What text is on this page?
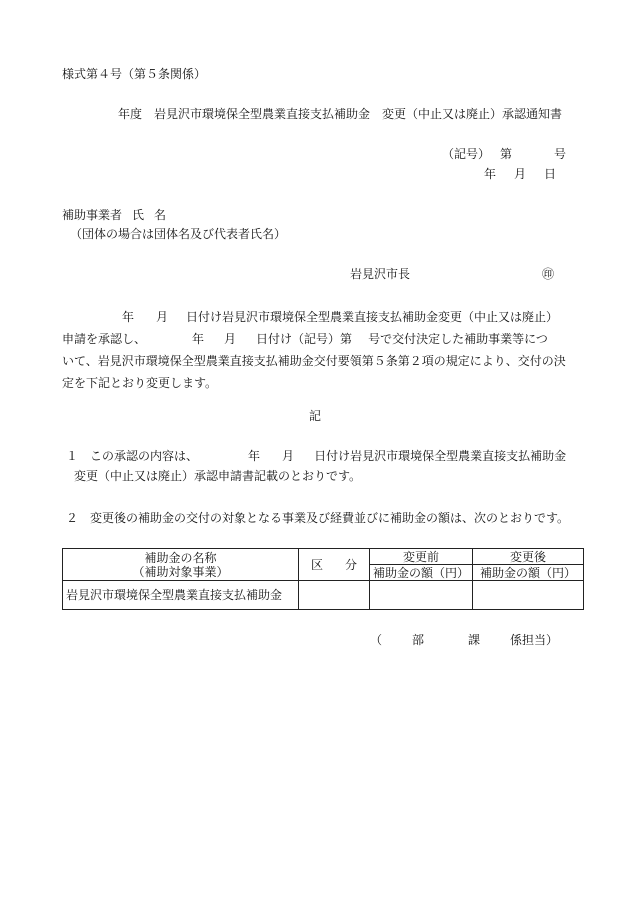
様式第４号（第５条関係）
年度 岩見沢市環境保全型農業直接支払補助金 変更（中止又は廃止）承認通知書
（記号） 第	号
年 月 日
補助事業者 氏 名
（団体の場合は団体名及び代表者氏名）
岩見沢市長	㊞
年 月 日付け岩見沢市環境保全型農業直接支払補助金変更（中止又は廃止）
申請を承認し、	年 月 日付け（記号）第 号で交付決定した補助事業等につ
いて、岩見沢市環境保全型農業直接支払補助金交付要領第５条第２項の規定により、交付の決
定を下記とおり変更します。
記
１ この承認の内容は、	年 月 日付け岩見沢市環境保全型農業直接支払補助金
変更（中止又は廃止）承認申請書記載のとおりです。
２ 変更後の補助金の交付の対象となる事業及び経費並びに補助金の額は、次のとおりです。
補助金の名称
（補助対象事業）	区 分	変更前	変更後
		補助金の額（円）	補助金の額（円）
岩見沢市環境保全型農業直接支払補助金			
（	部	課	係担当）
